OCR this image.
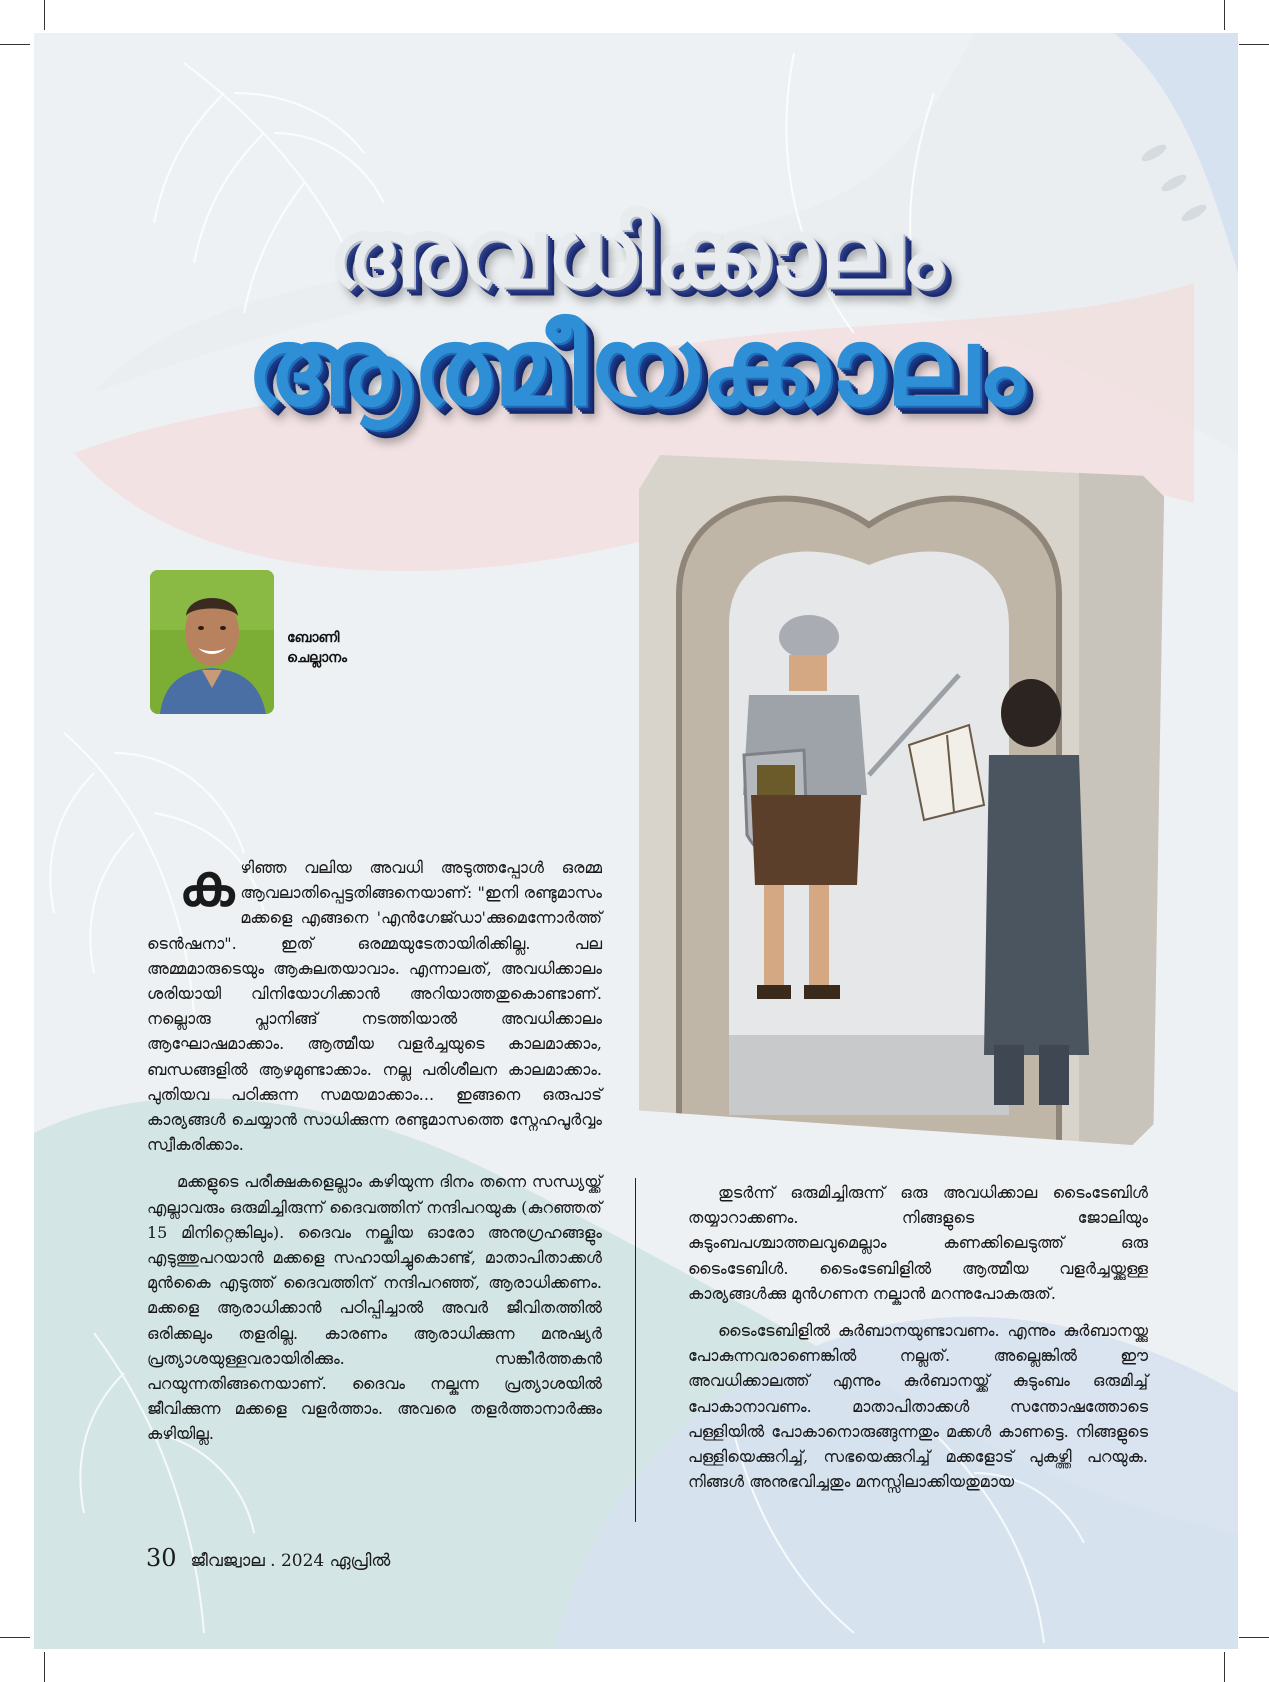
അവധിക്കാലം
ആത്മീയക്കാലം
ബോണി
ചെല്ലാനം

കഴിഞ്ഞ വലിയ അവധി അടുത്തപ്പോൾ ഒരമ്മ ആവലാതിപ്പെട്ടതിങ്ങനെയാണ്: "ഇനി രണ്ടുമാസം മക്കളെ എങ്ങനെ 'എൻഗേജ്ഡാ'ക്കുമെന്നോർത്ത് ടെൻഷനാ". ഇത് ഒരമ്മയുടേതായിരിക്കില്ല. പല അമ്മമാരുടെയും ആകുലതയാവാം. എന്നാലത്, അവധിക്കാലം ശരിയായി വിനിയോഗിക്കാൻ അറിയാത്തതുകൊണ്ടാണ്. നല്ലൊരു പ്ലാനിങ്ങ് നടത്തിയാൽ അവധിക്കാലം ആഘോഷമാക്കാം. ആത്മീയ വളർച്ചയുടെ കാലമാക്കാം, ബന്ധങ്ങളിൽ ആഴമുണ്ടാക്കാം. നല്ല പരിശീലന കാലമാക്കാം. പുതിയവ പഠിക്കുന്ന സമയമാക്കാം... ഇങ്ങനെ ഒരുപാട് കാര്യങ്ങൾ ചെയ്യാൻ സാധിക്കുന്ന രണ്ടുമാസത്തെ സ്നേഹപൂർവ്വം സ്വീകരിക്കാം.

മക്കളുടെ പരീക്ഷകളെല്ലാം കഴിയുന്ന ദിനം തന്നെ സന്ധ്യയ്ക്ക് എല്ലാവരും ഒരുമിച്ചിരുന്ന് ദൈവത്തിന് നന്ദിപറയുക (കുറഞ്ഞത് 15 മിനിറ്റെങ്കിലും). ദൈവം നല്കിയ ഓരോ അനുഗ്രഹങ്ങളും എടുത്തുപറയാൻ മക്കളെ സഹായിച്ചുകൊണ്ട്, മാതാപിതാക്കൾ മുൻകൈ എടുത്ത് ദൈവത്തിന് നന്ദിപറഞ്ഞ്, ആരാധിക്കണം. മക്കളെ ആരാധിക്കാൻ പഠിപ്പിച്ചാൽ അവർ ജീവിതത്തിൽ ഒരിക്കലും തളരില്ല. കാരണം ആരാധിക്കുന്ന മനുഷ്യർ പ്രത്യാശയുള്ളവരായിരിക്കും. സങ്കീർത്തകൻ പറയുന്നതിങ്ങനെയാണ്. ദൈവം നല്കുന്ന പ്രത്യാശയിൽ ജീവിക്കുന്ന മക്കളെ വളർത്താം. അവരെ തളർത്താനാർക്കും കഴിയില്ല.

തുടർന്ന് ഒരുമിച്ചിരുന്ന് ഒരു അവധിക്കാല ടൈംടേബിൾ തയ്യാറാക്കണം. നിങ്ങളുടെ ജോലിയും കുടുംബപശ്ചാത്തലവുമെല്ലാം കണക്കിലെടുത്ത് ഒരു ടൈംടേബിൾ. ടൈംടേബിളിൽ ആത്മീയ വളർച്ചയ്ക്കുള്ള കാര്യങ്ങൾക്കു മുൻഗണന നല്കാൻ മറന്നുപോകരുത്.

ടൈംടേബിളിൽ കുർബാനയുണ്ടാവണം. എന്നും കുർബാനയ്ക്കു പോകുന്നവരാണെങ്കിൽ നല്ലത്. അല്ലെങ്കിൽ ഈ അവധിക്കാലത്ത് എന്നും കുർബാനയ്ക്ക് കുടുംബം ഒരുമിച്ച് പോകാനാവണം. മാതാപിതാക്കൾ സന്തോഷത്തോടെ പള്ളിയിൽ പോകാനൊരുങ്ങുന്നതും മക്കൾ കാണട്ടെ. നിങ്ങളുടെ പള്ളിയെക്കുറിച്ച്, സഭയെക്കുറിച്ച് മക്കളോട് പുകഴ്ത്തി പറയുക. നിങ്ങൾ അനുഭവിച്ചതും മനസ്സിലാക്കിയതുമായ

30 ജീവജ്വാല . 2024 ഏപ്രിൽ
